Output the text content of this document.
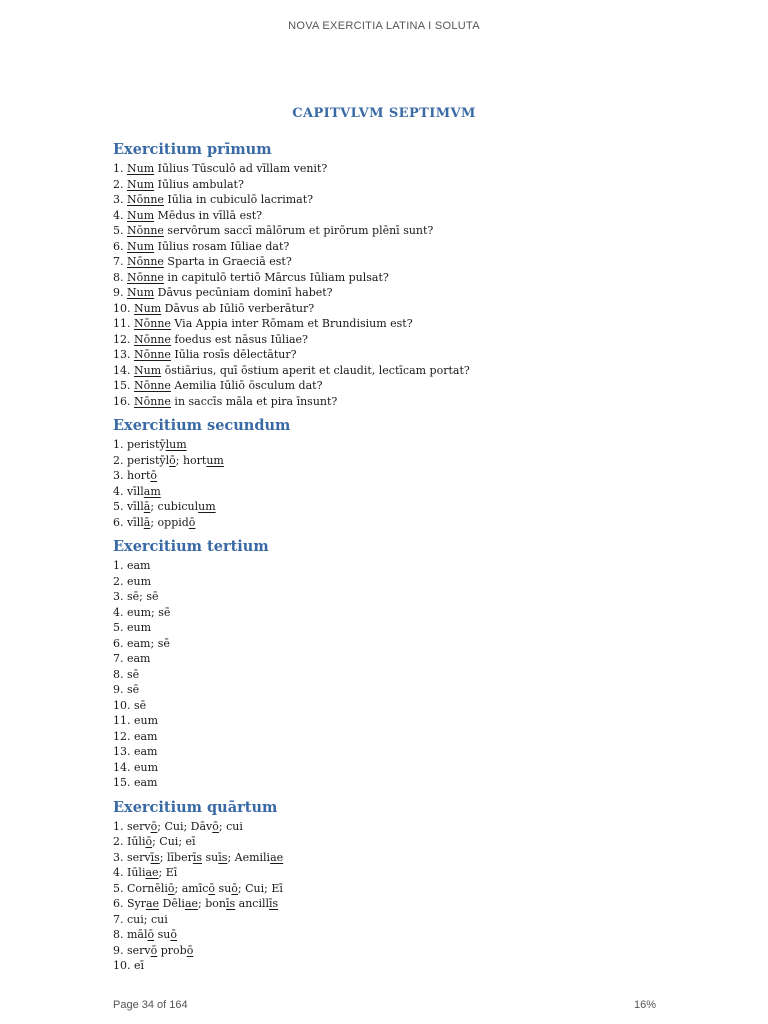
NOVA EXERCITIA LATINA I SOLUTA
CAPITVLVM SEPTIMVM
Exercitium prīmum
1. Num Iūlius Tūsculō ad vīllam venit?
2. Num Iūlius ambulat?
3. Nōnne Iūlia in cubiculō lacrimat?
4. Num Mēdus in vīllā est?
5. Nōnne servōrum saccī mālōrum et pirōrum plēnī sunt?
6. Num Iūlius rosam Iūliae dat?
7. Nōnne Sparta in Graeciā est?
8. Nōnne in capitulō tertiō Mārcus Iūliam pulsat?
9. Num Dāvus pecūniam dominī habet?
10. Num Dāvus ab Iūliō verberātur?
11. Nōnne Via Appia inter Rōmam et Brundisium est?
12. Nōnne foedus est nāsus Iūliae?
13. Nōnne Iūlia rosīs dēlectātur?
14. Num ōstiārius, quī ōstium aperit et claudit, lectīcam portat?
15. Nōnne Aemilia Iūliō ōsculum dat?
16. Nōnne in saccīs māla et pira īnsunt?
Exercitium secundum
1. peristȳlum
2. peristȳlō; hortum
3. hortō
4. vīllam
5. vīllā; cubiculum
6. vīllā; oppidō
Exercitium tertium
1. eam
2. eum
3. sē; sē
4. eum; sē
5. eum
6. eam; sē
7. eam
8. sē
9. sē
10. sē
11. eum
12. eam
13. eam
14. eum
15. eam
Exercitium quārtum
1. servō; Cui; Dāvō; cui
2. Iūliō; Cui; eī
3. servīs; līberīs suīs; Aemiliae
4. Iūliae; Eī
5. Cornēliō; amīcō suō; Cui; Eī
6. Syrae Dēliae; bonīs ancillīs
7. cui; cui
8. mālō suō
9. servō probō
10. eī
Page 34 of 164	16%
